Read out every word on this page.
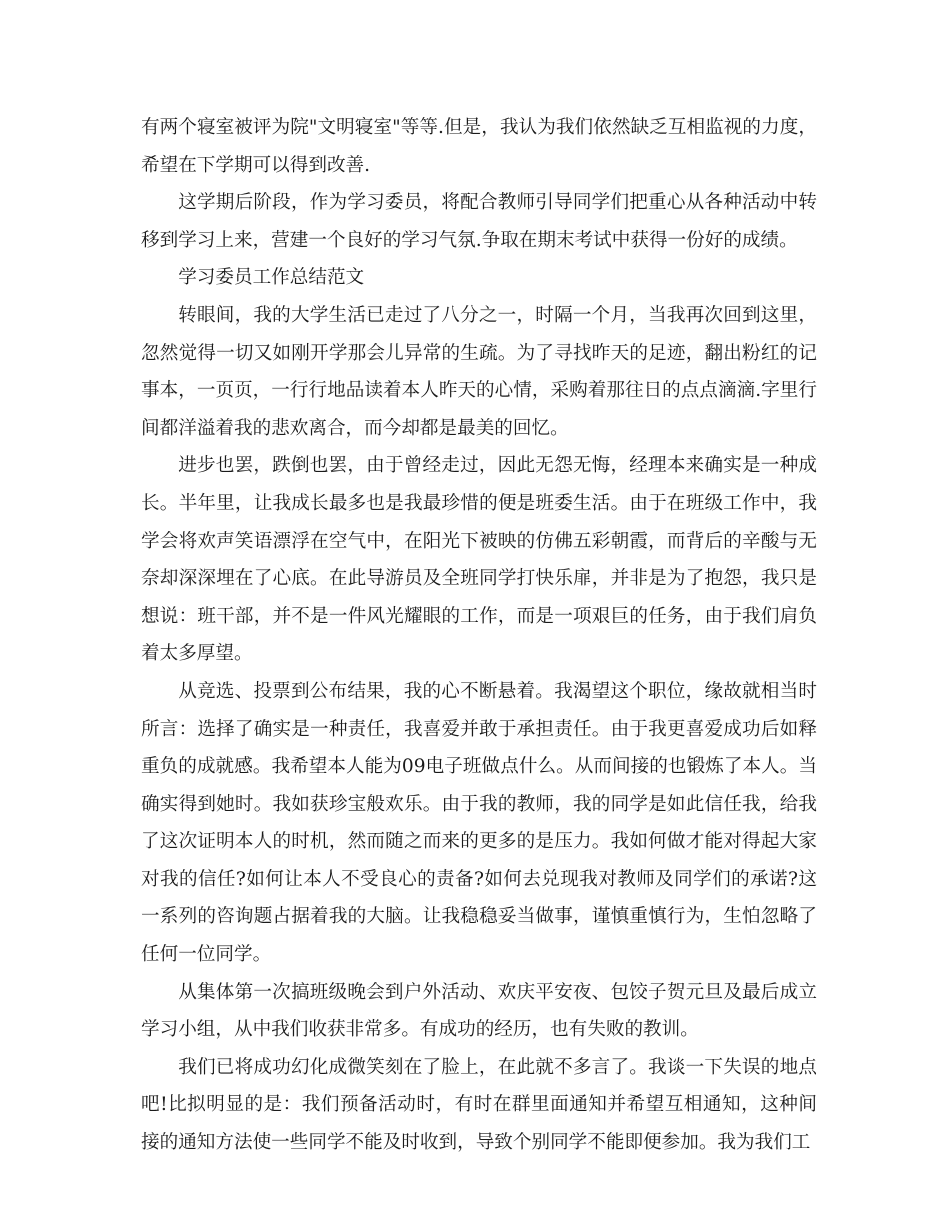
有两个寝室被评为院"文明寝室"等等.但是，我认为我们依然缺乏互相监视的力度，希望在下学期可以得到改善.

这学期后阶段，作为学习委员，将配合教师引导同学们把重心从各种活动中转移到学习上来，营建一个良好的学习气氛.争取在期末考试中获得一份好的成绩。

学习委员工作总结范文

转眼间，我的大学生活已走过了八分之一，时隔一个月，当我再次回到这里，忽然觉得一切又如刚开学那会儿异常的生疏。为了寻找昨天的足迹，翻出粉红的记事本，一页页，一行行地品读着本人昨天的心情，采购着那往日的点点滴滴.字里行间都洋溢着我的悲欢离合，而今却都是最美的回忆。

进步也罢，跌倒也罢，由于曾经走过，因此无怨无悔，经理本来确实是一种成长。半年里，让我成长最多也是我最珍惜的便是班委生活。由于在班级工作中，我学会将欢声笑语漂浮在空气中，在阳光下被映的仿佛五彩朝霞，而背后的辛酸与无奈却深深埋在了心底。在此导游员及全班同学打快乐扉，并非是为了抱怨，我只是想说：班干部，并不是一件风光耀眼的工作，而是一项艰巨的任务，由于我们肩负着太多厚望。

从竞选、投票到公布结果，我的心不断悬着。我渴望这个职位，缘故就相当时所言：选择了确实是一种责任，我喜爱并敢于承担责任。由于我更喜爱成功后如释重负的成就感。我希望本人能为09电子班做点什么。从而间接的也锻炼了本人。当确实得到她时。我如获珍宝般欢乐。由于我的教师，我的同学是如此信任我，给我了这次证明本人的时机，然而随之而来的更多的是压力。我如何做才能对得起大家对我的信任?如何让本人不受良心的责备?如何去兑现我对教师及同学们的承诺?这一系列的咨询题占据着我的大脑。让我稳稳妥当做事，谨慎重慎行为，生怕忽略了任何一位同学。

从集体第一次搞班级晚会到户外活动、欢庆平安夜、包饺子贺元旦及最后成立学习小组，从中我们收获非常多。有成功的经历，也有失败的教训。

我们已将成功幻化成微笑刻在了脸上，在此就不多言了。我谈一下失误的地点吧!比拟明显的是：我们预备活动时，有时在群里面通知并希望互相通知，这种间接的通知方法使一些同学不能及时收到，导致个别同学不能即便参加。我为我们工
